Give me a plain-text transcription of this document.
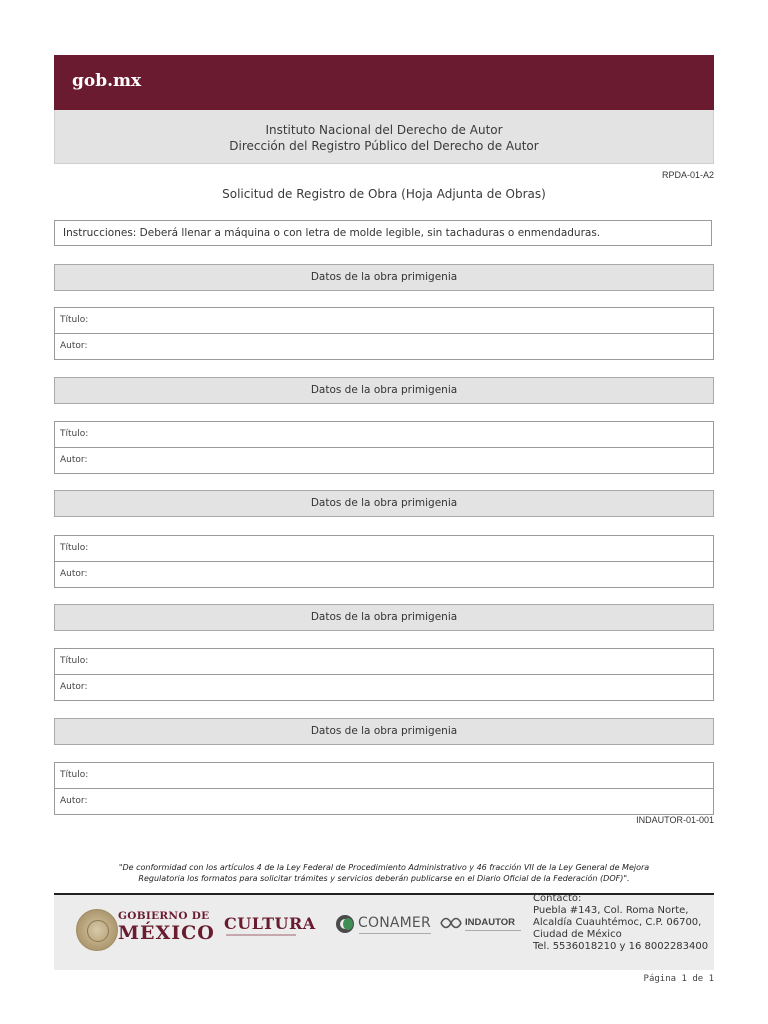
gob.mx
Instituto Nacional del Derecho de Autor
Dirección del Registro Público del Derecho de Autor
RPDA-01-A2
Solicitud de Registro de Obra (Hoja Adjunta de Obras)
Instrucciones: Deberá llenar a máquina o con letra de molde legible, sin tachaduras o enmendaduras.
Datos de la obra primigenia
Título:
Autor:
Datos de la obra primigenia
Título:
Autor:
Datos de la obra primigenia
Título:
Autor:
Datos de la obra primigenia
Título:
Autor:
Datos de la obra primigenia
Título:
Autor:
INDAUTOR-01-001
"De conformidad con los artículos 4 de la Ley Federal de Procedimiento Administrativo y 46 fracción VII de la Ley General de Mejora
Regulatoria los formatos para solicitar trámites y servicios deberán publicarse en el Diario Oficial de la Federación (DOF)".
GOBIERNO DE
MÉXICO CULTURA	CONAMER	INDAUTOR
Contacto:
Puebla #143, Col. Roma Norte,
Alcaldía Cuauhtémoc, C.P. 06700,
Ciudad de México
Tel. 5536018210 y 16 8002283400
Página 1 de 1
